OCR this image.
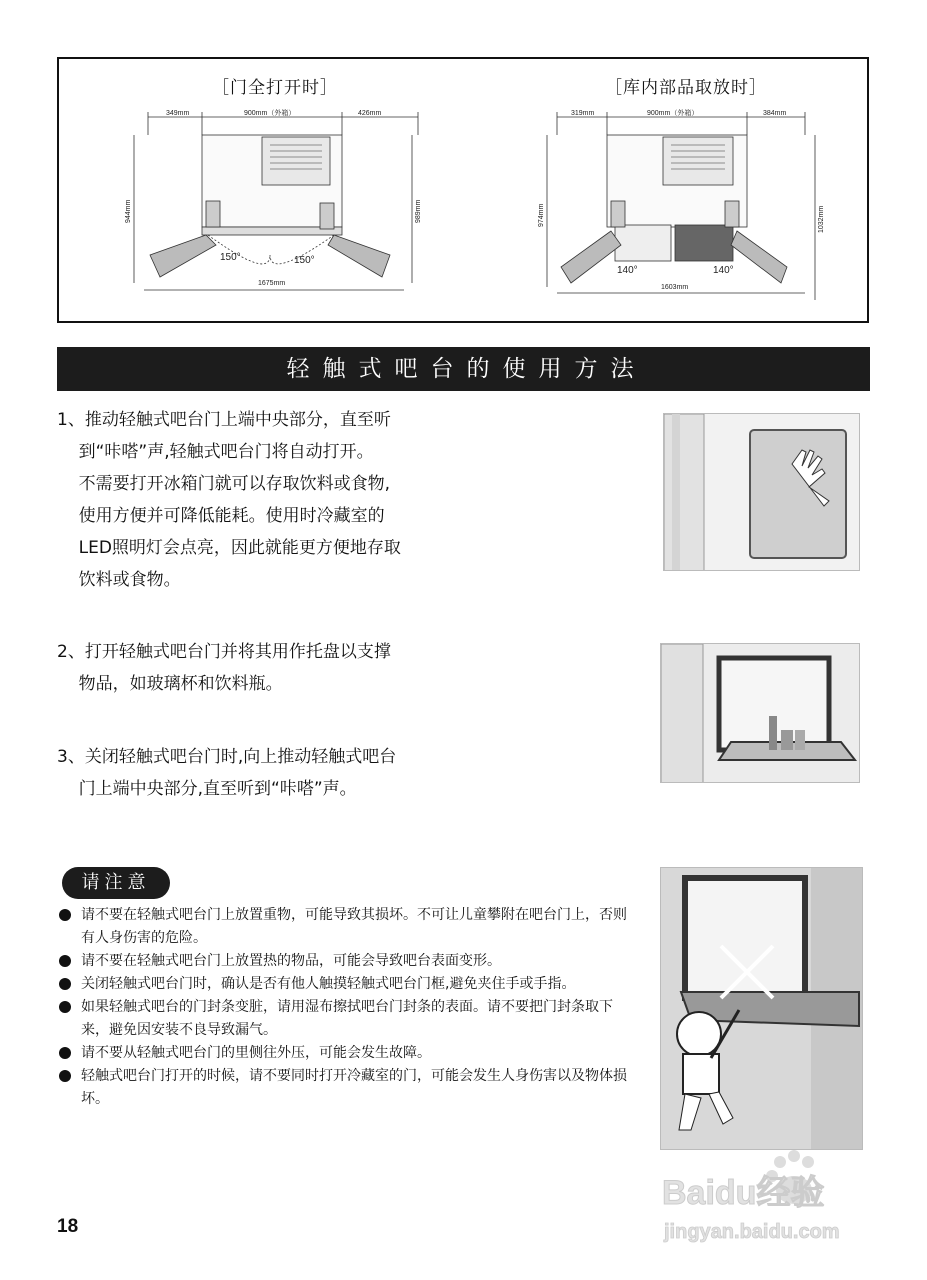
［门全打开时］	［库内部品取放时］
349mm	900mm（外箱）	426mm
944mm	989mm
150°	150°
1675mm
319mm	900mm（外箱）	384mm
974mm	1032mm
140°	140°
1603mm
轻触式吧台的使用方法
1、推动轻触式吧台门上端中央部分，直至听
到“咔嗒”声,轻触式吧台门将自动打开。
不需要打开冰箱门就可以存取饮料或食物,
使用方便并可降低能耗。使用时冷藏室的
LED照明灯会点亮，因此就能更方便地存取
饮料或食物。
2、打开轻触式吧台门并将其用作托盘以支撑
物品，如玻璃杯和饮料瓶。
3、关闭轻触式吧台门时,向上推动轻触式吧台
门上端中央部分,直至听到“咔嗒”声。
请注意
请不要在轻触式吧台门上放置重物，可能导致其损坏。不可让儿童攀附在吧台门上，否则有人身伤害的危险。
请不要在轻触式吧台门上放置热的物品，可能会导致吧台表面变形。
关闭轻触式吧台门时，确认是否有他人触摸轻触式吧台门框,避免夹住手或手指。
如果轻触式吧台的门封条变脏，请用湿布擦拭吧台门封条的表面。请不要把门封条取下来，避免因安装不良导致漏气。
请不要从轻触式吧台门的里侧往外压，可能会发生故障。
轻触式吧台门打开的时候，请不要同时打开冷藏室的门，可能会发生人身伤害以及物体损坏。
18
Baidu经验
jingyan.baidu.com
